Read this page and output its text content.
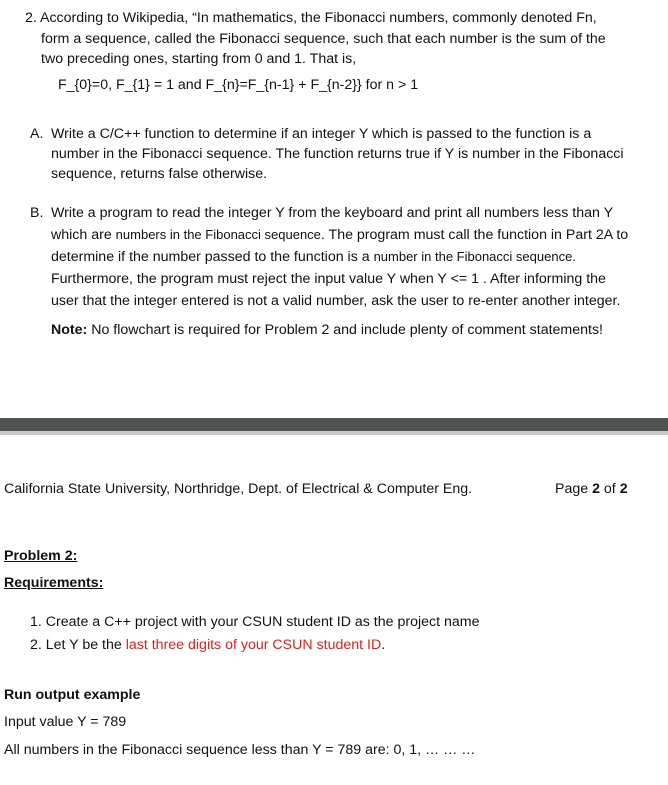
2. According to Wikipedia, “In mathematics, the Fibonacci numbers, commonly denoted Fn,
form a sequence, called the Fibonacci sequence, such that each number is the sum of the
two preceding ones, starting from 0 and 1. That is,
F_{0}=0, F_{1} = 1 and F_{n}=F_{n-1} + F_{n-2}} for n > 1
A. Write a C/C++ function to determine if an integer Y which is passed to the function is a
number in the Fibonacci sequence. The function returns true if Y is number in the Fibonacci
sequence, returns false otherwise.
B. Write a program to read the integer Y from the keyboard and print all numbers less than Y
which are numbers in the Fibonacci sequence. The program must call the function in Part 2A to
determine if the number passed to the function is a number in the Fibonacci sequence.
Furthermore, the program must reject the input value Y when Y <= 1 . After informing the
user that the integer entered is not a valid number, ask the user to re-enter another integer.
Note: No flowchart is required for Problem 2 and include plenty of comment statements!
California State University, Northridge, Dept. of Electrical & Computer Eng.	Page 2 of 2
Problem 2:
Requirements:
1. Create a C++ project with your CSUN student ID as the project name
2. Let Y be the last three digits of your CSUN student ID.
Run output example
Input value Y = 789
All numbers in the Fibonacci sequence less than Y = 789 are: 0, 1, … … …
